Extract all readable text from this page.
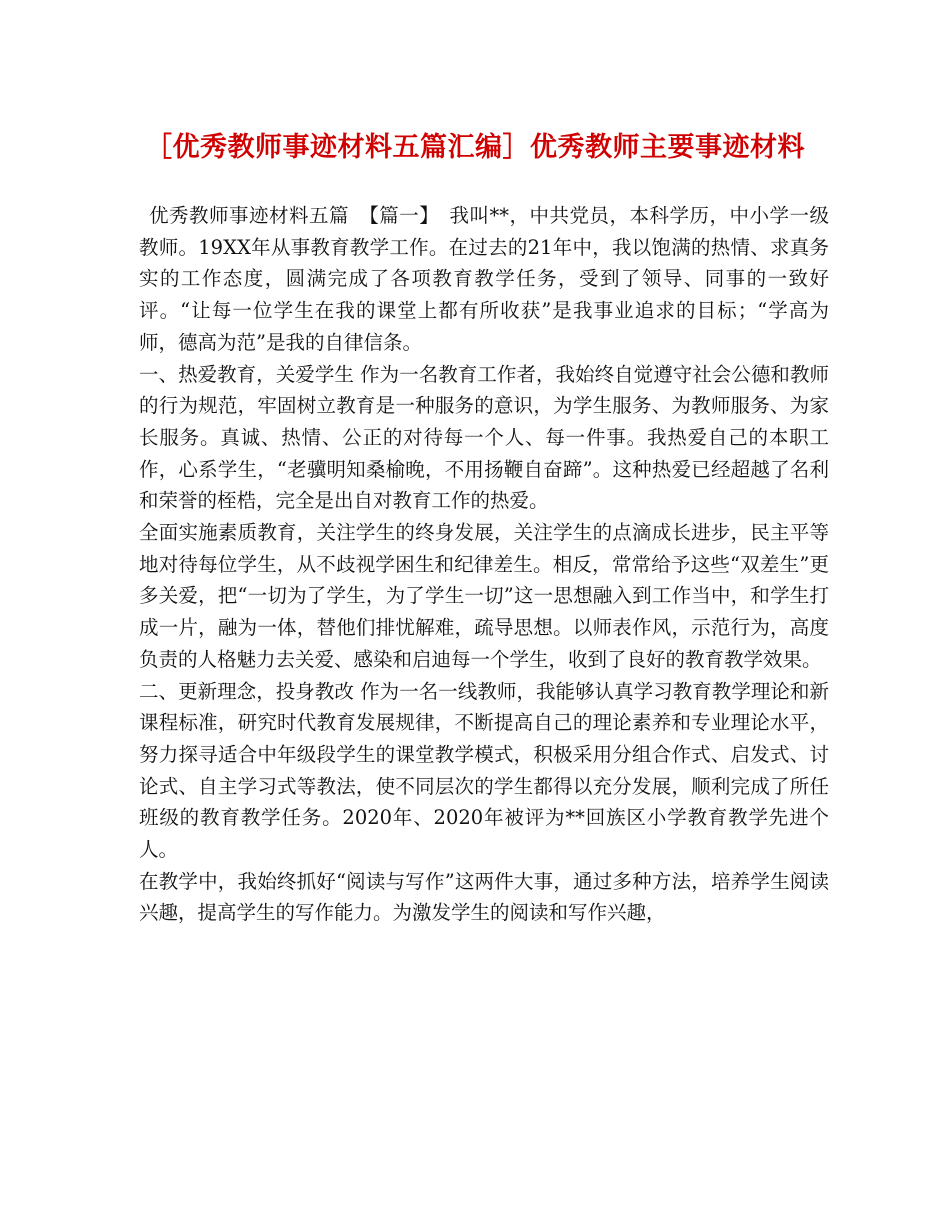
［优秀教师事迹材料五篇汇编］优秀教师主要事迹材料

优秀教师事迹材料五篇　【篇一】　我叫**，中共党员，本科学历，中小学一级教师。19XX年从事教育教学工作。在过去的21年中，我以饱满的热情、求真务实的工作态度，圆满完成了各项教育教学任务，受到了领导、同事的一致好评。“让每一位学生在我的课堂上都有所收获”是我事业追求的目标；“学高为师，德高为范”是我的自律信条。

一、热爱教育，关爱学生 作为一名教育工作者，我始终自觉遵守社会公德和教师的行为规范，牢固树立教育是一种服务的意识，为学生服务、为教师服务、为家长服务。真诚、热情、公正的对待每一个人、每一件事。我热爱自己的本职工作，心系学生，“老骥明知桑榆晚，不用扬鞭自奋蹄”。这种热爱已经超越了名利和荣誉的桎梏，完全是出自对教育工作的热爱。

全面实施素质教育，关注学生的终身发展，关注学生的点滴成长进步，民主平等地对待每位学生，从不歧视学困生和纪律差生。相反，常常给予这些“双差生”更多关爱，把“一切为了学生，为了学生一切”这一思想融入到工作当中，和学生打成一片，融为一体，替他们排忧解难，疏导思想。以师表作风，示范行为，高度负责的人格魅力去关爱、感染和启迪每一个学生，收到了良好的教育教学效果。

二、更新理念，投身教改 作为一名一线教师，我能够认真学习教育教学理论和新课程标准，研究时代教育发展规律，不断提高自己的理论素养和专业理论水平，努力探寻适合中年级段学生的课堂教学模式，积极采用分组合作式、启发式、讨论式、自主学习式等教法，使不同层次的学生都得以充分发展，顺利完成了所任班级的教育教学任务。2020年、2020年被评为**回族区小学教育教学先进个人。

在教学中，我始终抓好“阅读与写作”这两件大事，通过多种方法，培养学生阅读兴趣，提高学生的写作能力。为激发学生的阅读和写作兴趣，
